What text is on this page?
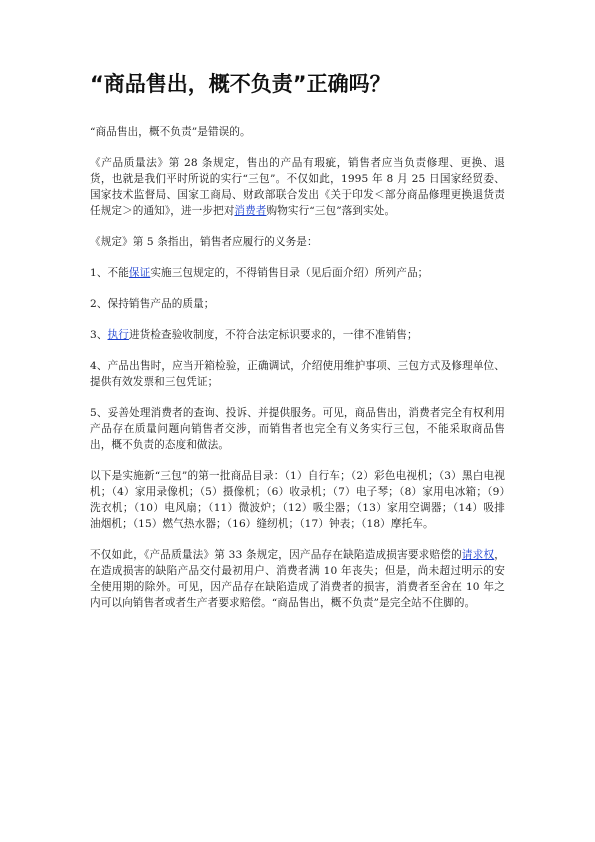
“商品售出，概不负责”正确吗？

“商品售出，概不负责”是错误的。

《产品质量法》第 28 条规定，售出的产品有瑕疵，销售者应当负责修理、更换、退货，也就是我们平时所说的实行“三包”。不仅如此，1995 年 8 月 25 日国家经贸委、国家技术监督局、国家工商局、财政部联合发出《关于印发＜部分商品修理更换退货责任规定＞的通知》，进一步把对消费者购物实行“三包”落到实处。

《规定》第 5 条指出，销售者应履行的义务是：

1、不能保证实施三包规定的，不得销售目录（见后面介绍）所列产品；

2、保持销售产品的质量；

3、执行进货检查验收制度，不符合法定标识要求的，一律不准销售；

4、产品出售时，应当开箱检验，正确调试，介绍使用维护事项、三包方式及修理单位、提供有效发票和三包凭证；

5、妥善处理消费者的查询、投诉、并提供服务。可见，商品售出，消费者完全有权利用产品存在质量问题向销售者交涉，而销售者也完全有义务实行三包，不能采取商品售出，概不负责的态度和做法。

以下是实施新“三包”的第一批商品目录：（1）自行车；（2）彩色电视机；（3）黑白电视机；（4）家用录像机；（5）摄像机；（6）收录机；（7）电子琴；（8）家用电冰箱；（9）洗衣机；（10）电风扇；（11）微波炉；（12）吸尘器；（13）家用空调器；（14）吸排油烟机；（15）燃气热水器；（16）缝纫机；（17）钟表；（18）摩托车。

不仅如此，《产品质量法》第 33 条规定，因产品存在缺陷造成损害要求赔偿的请求权，在造成损害的缺陷产品交付最初用户、消费者满 10 年丧失；但是，尚未超过明示的安全使用期的除外。可见，因产品存在缺陷造成了消费者的损害，消费者至舍在 10 年之内可以向销售者或者生产者要求赔偿。“商品售出，概不负责”是完全站不住脚的。
